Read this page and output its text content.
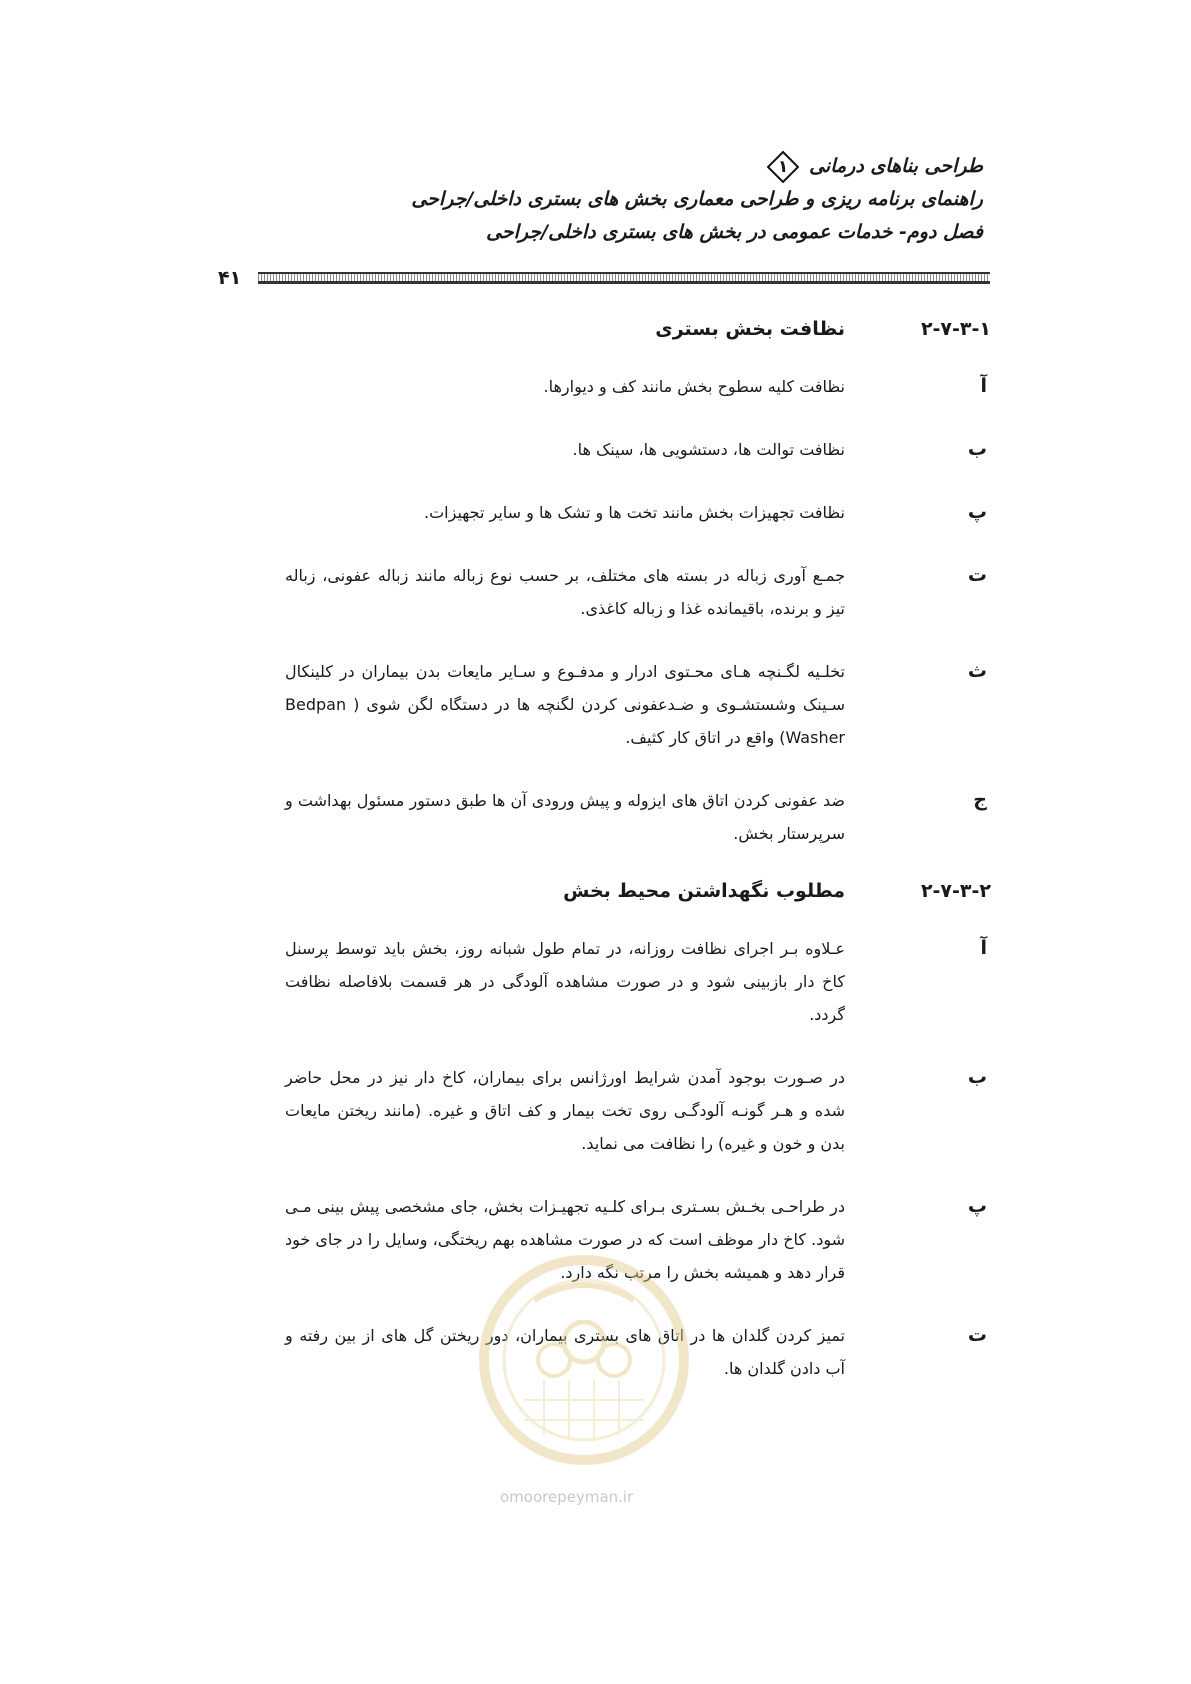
طراحی بناهای درمانی
۱
راهنمای برنامه ریزی و طراحی معماری بخش های بستری داخلی/جراحی
فصل دوم- خدمات عمومی در بخش های بستری داخلی/جراحی
۴۱
۲-۷-۳-۱
نظافت بخش بستری
آ
نظافت کلیه سطوح بخش مانند کف و دیوارها.
ب
نظافت توالت ها، دستشویی ها، سینک ها.
پ
نظافت تجهیزات بخش مانند تخت ها و تشک ها و سایر تجهیزات.
ت
جمـع آوری زباله در بسته های مختلف، بر حسب نوع زباله مانند زباله عفونی، زباله تیز و برنده، باقیمانده غذا و زباله کاغذی.
ث
تخلـیه لگـنچه هـای محـتوی ادرار و مدفـوع و سـایر مایعات بدن بیماران در کلینکال سـینک وشستشـوی و ضـدعفونی کردن لگنچه ها در دستگاه لگن شوی ( Bedpan Washer) واقع در اتاق کار کثیف.
ج
ضد عفونی کردن اتاق های ایزوله و پیش ورودی آن ها طبق دستور مسئول بهداشت و سرپرستار بخش.
۲-۷-۳-۲
مطلوب نگهداشتن محیط بخش
آ
عـلاوه بـر اجرای نظافت روزانه، در تمام طول شبانه روز، بخش باید توسط پرسنل کاخ دار بازبینی شود و در صورت مشاهده آلودگی در هر قسمت بلافاصله نظافت گردد.
ب
در صـورت بوجود آمدن شرایط اورژانس برای بیماران، کاخ دار نیز در محل حاضر شده و هـر گونـه آلودگـی روی تخت بیمار و کف اتاق و غیره. (مانند ریختن مایعات بدن و خون و غیره) را نظافت می نماید.
پ
در طراحـی بخـش بسـتری بـرای کلـیه تجهیـزات بخش، جای مشخصی پیش بینی مـی شود. کاخ دار موظف است که در صورت مشاهده بهم ریختگی، وسایل را در جای خود قرار دهد و همیشه بخش را مرتب نگه دارد.
ت
تمیز کردن گلدان ها در اتاق های بستری بیماران، دور ریختن گل های از بین رفته و آب دادن گلدان ها.
omoorepeyman.ir
